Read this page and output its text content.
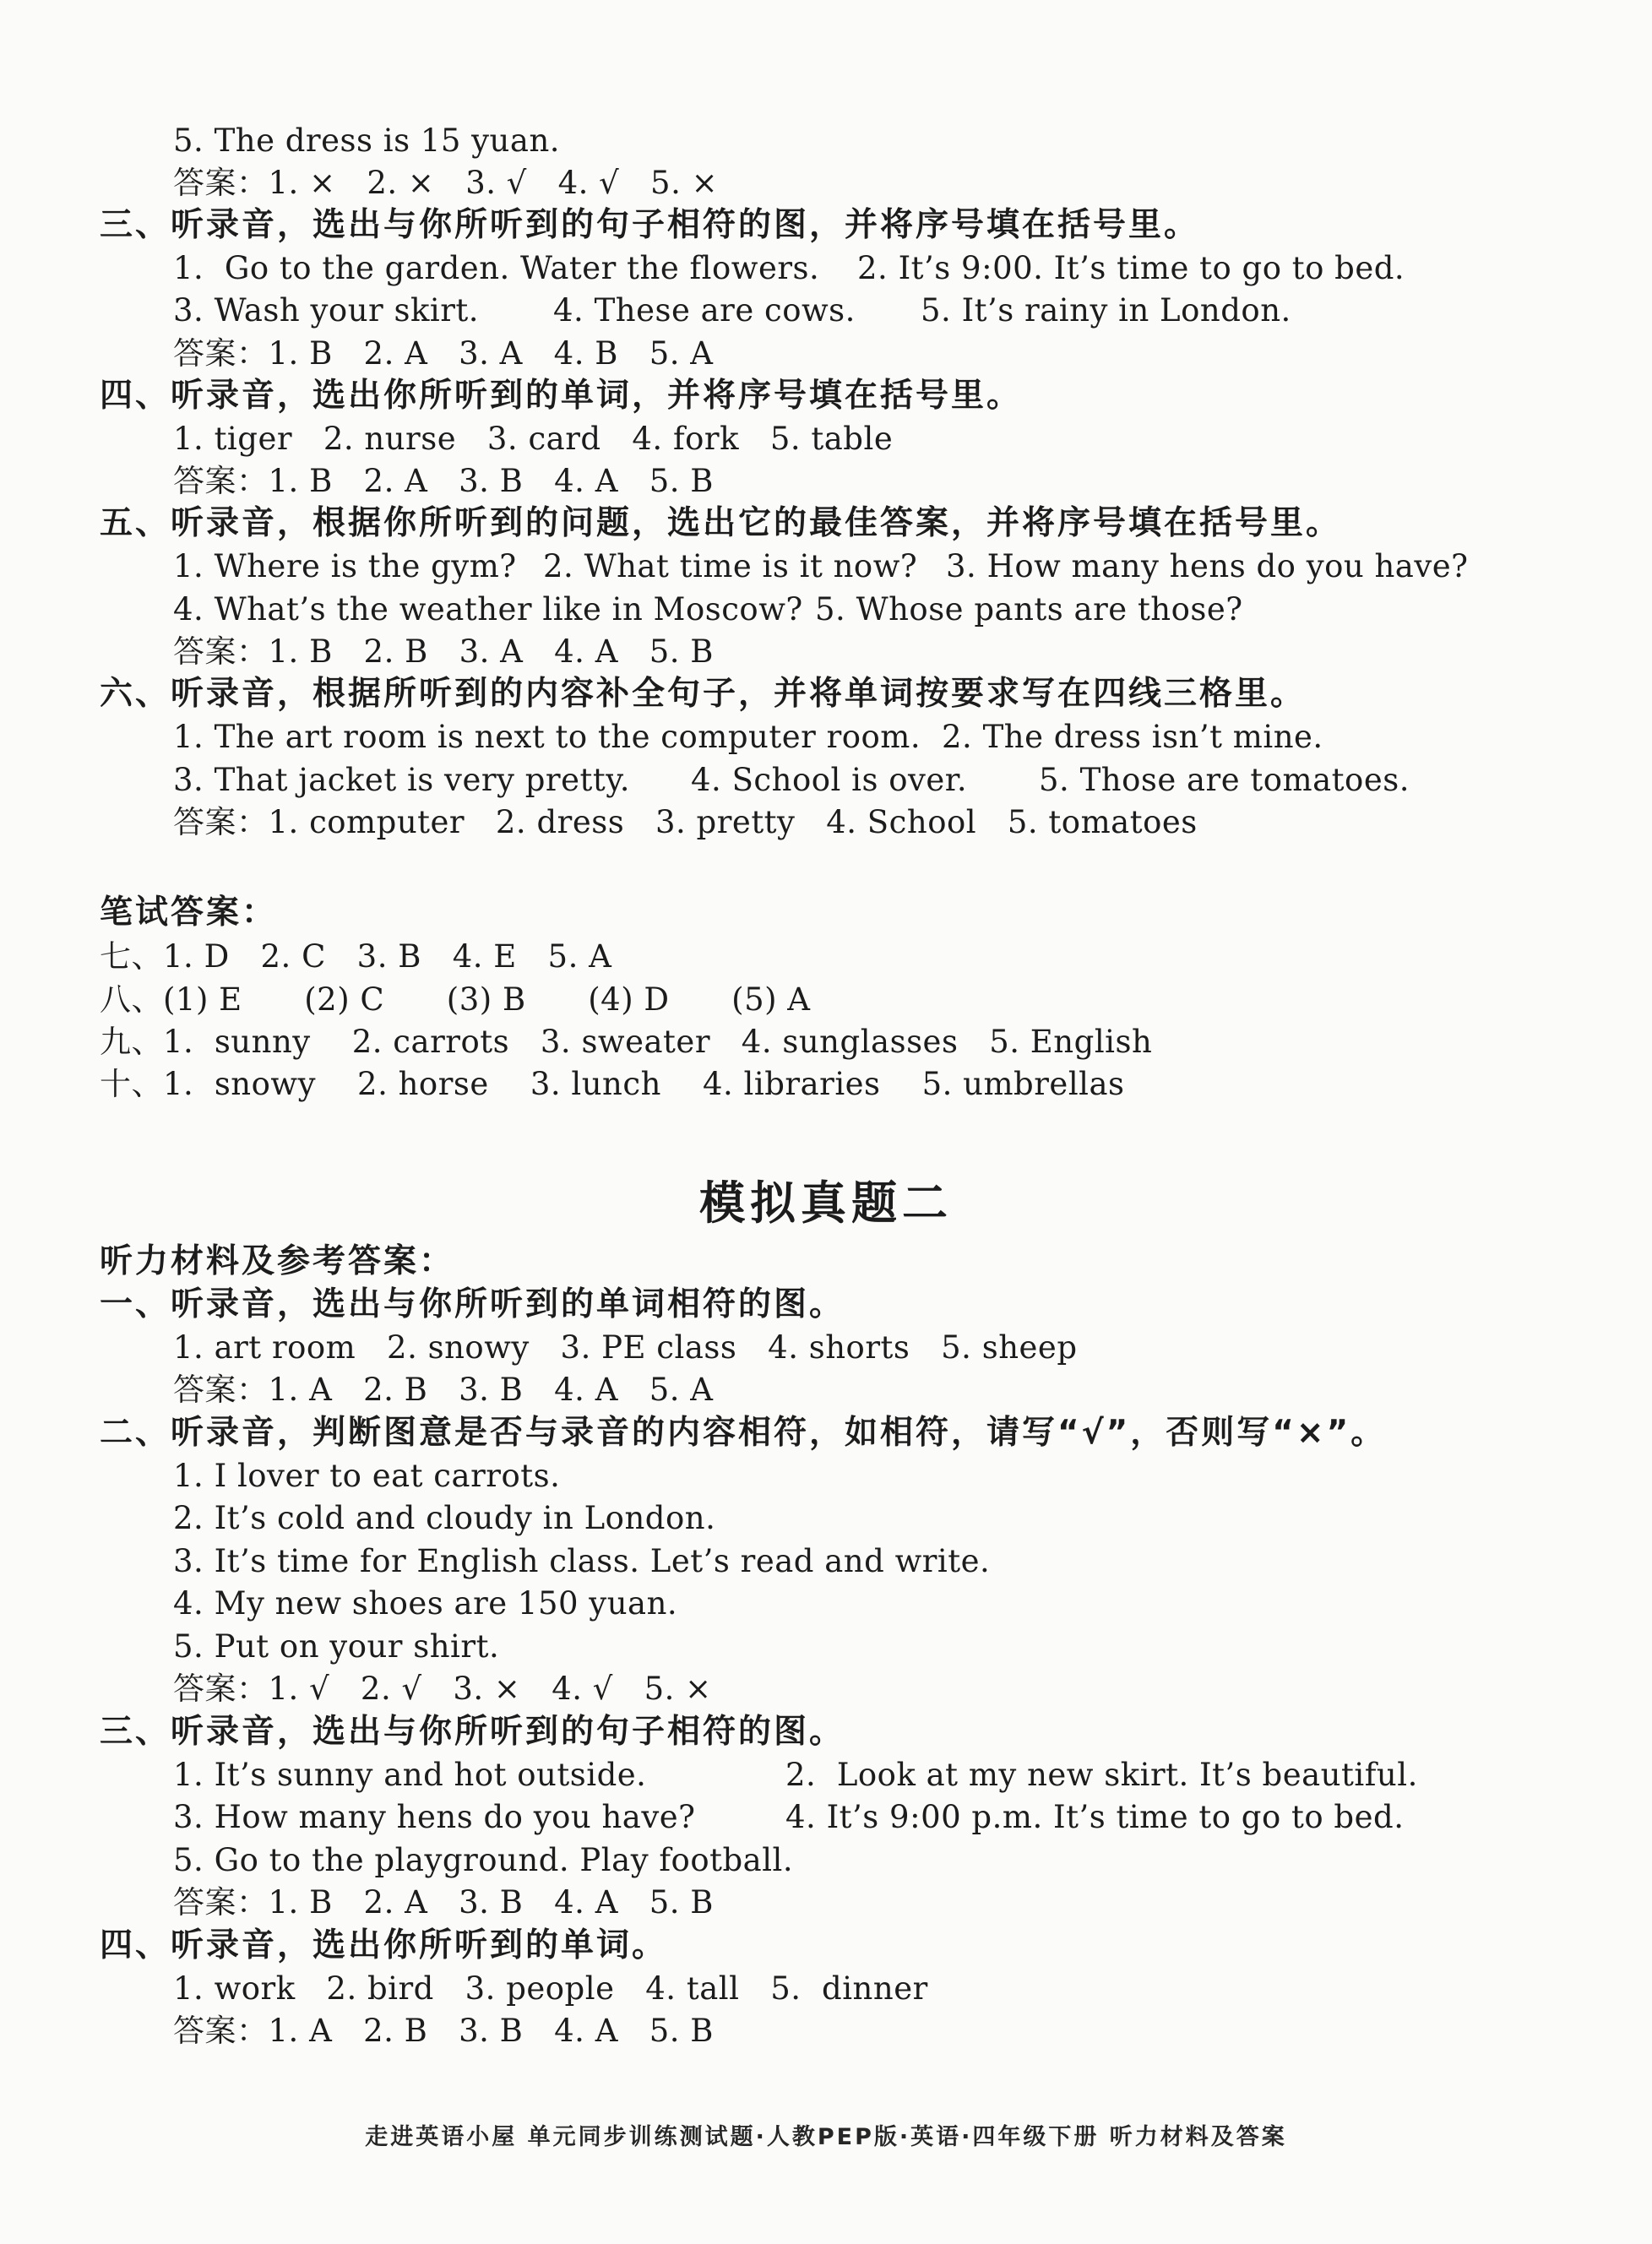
5. The dress is 15 yuan.
答案：1. ×   2. ×   3. √   4. √   5. ×
三、听录音，选出与你所听到的句子相符的图，并将序号填在括号里。
1.  Go to the garden. Water the flowers. 2. It’s 9:00. It’s time to go to bed.
3. Wash your skirt. 4. These are cows. 5. It’s rainy in London.
答案：1. B   2. A   3. A   4. B   5. A
四、听录音，选出你所听到的单词，并将序号填在括号里。
1. tiger   2. nurse   3. card   4. fork   5. table
答案：1. B   2. A   3. B   4. A   5. B
五、听录音，根据你所听到的问题，选出它的最佳答案，并将序号填在括号里。
1. Where is the gym? 2. What time is it now? 3. How many hens do you have?
4. What’s the weather like in Moscow? 5. Whose pants are those?
答案：1. B   2. B   3. A   4. A   5. B
六、听录音，根据所听到的内容补全句子，并将单词按要求写在四线三格里。
1. The art room is next to the computer room. 2. The dress isn’t mine.
3. That jacket is very pretty. 4. School is over. 5. Those are tomatoes.
答案：1. computer   2. dress   3. pretty   4. School   5. tomatoes
笔试答案：
七、1. D   2. C   3. B   4. E   5. A
八、(1) E      (2) C      (3) B      (4) D      (5) A
九、1.  sunny    2. carrots   3. sweater   4. sunglasses   5. English
十、1.  snowy    2. horse    3. lunch    4. libraries    5. umbrellas
模拟真题二
听力材料及参考答案：
一、听录音，选出与你所听到的单词相符的图。
1. art room   2. snowy   3. PE class   4. shorts   5. sheep
答案：1. A   2. B   3. B   4. A   5. A
二、听录音，判断图意是否与录音的内容相符，如相符，请写“√”，否则写“×”。
1. I lover to eat carrots.
2. It’s cold and cloudy in London.
3. It’s time for English class. Let’s read and write.
4. My new shoes are 150 yuan.
5. Put on your shirt.
答案：1. √   2. √   3. ×   4. √   5. ×
三、听录音，选出与你所听到的句子相符的图。
1. It’s sunny and hot outside.	2.  Look at my new skirt. It’s beautiful.
3. How many hens do you have?	4. It’s 9:00 p.m. It’s time to go to bed.
5. Go to the playground. Play football.
答案：1. B   2. A   3. B   4. A   5. B
四、听录音，选出你所听到的单词。
1. work   2. bird   3. people   4. tall   5.  dinner
答案：1. A   2. B   3. B   4. A   5. B
走进英语小屋 单元同步训练测试题·人教PEP版·英语·四年级下册 听力材料及答案
